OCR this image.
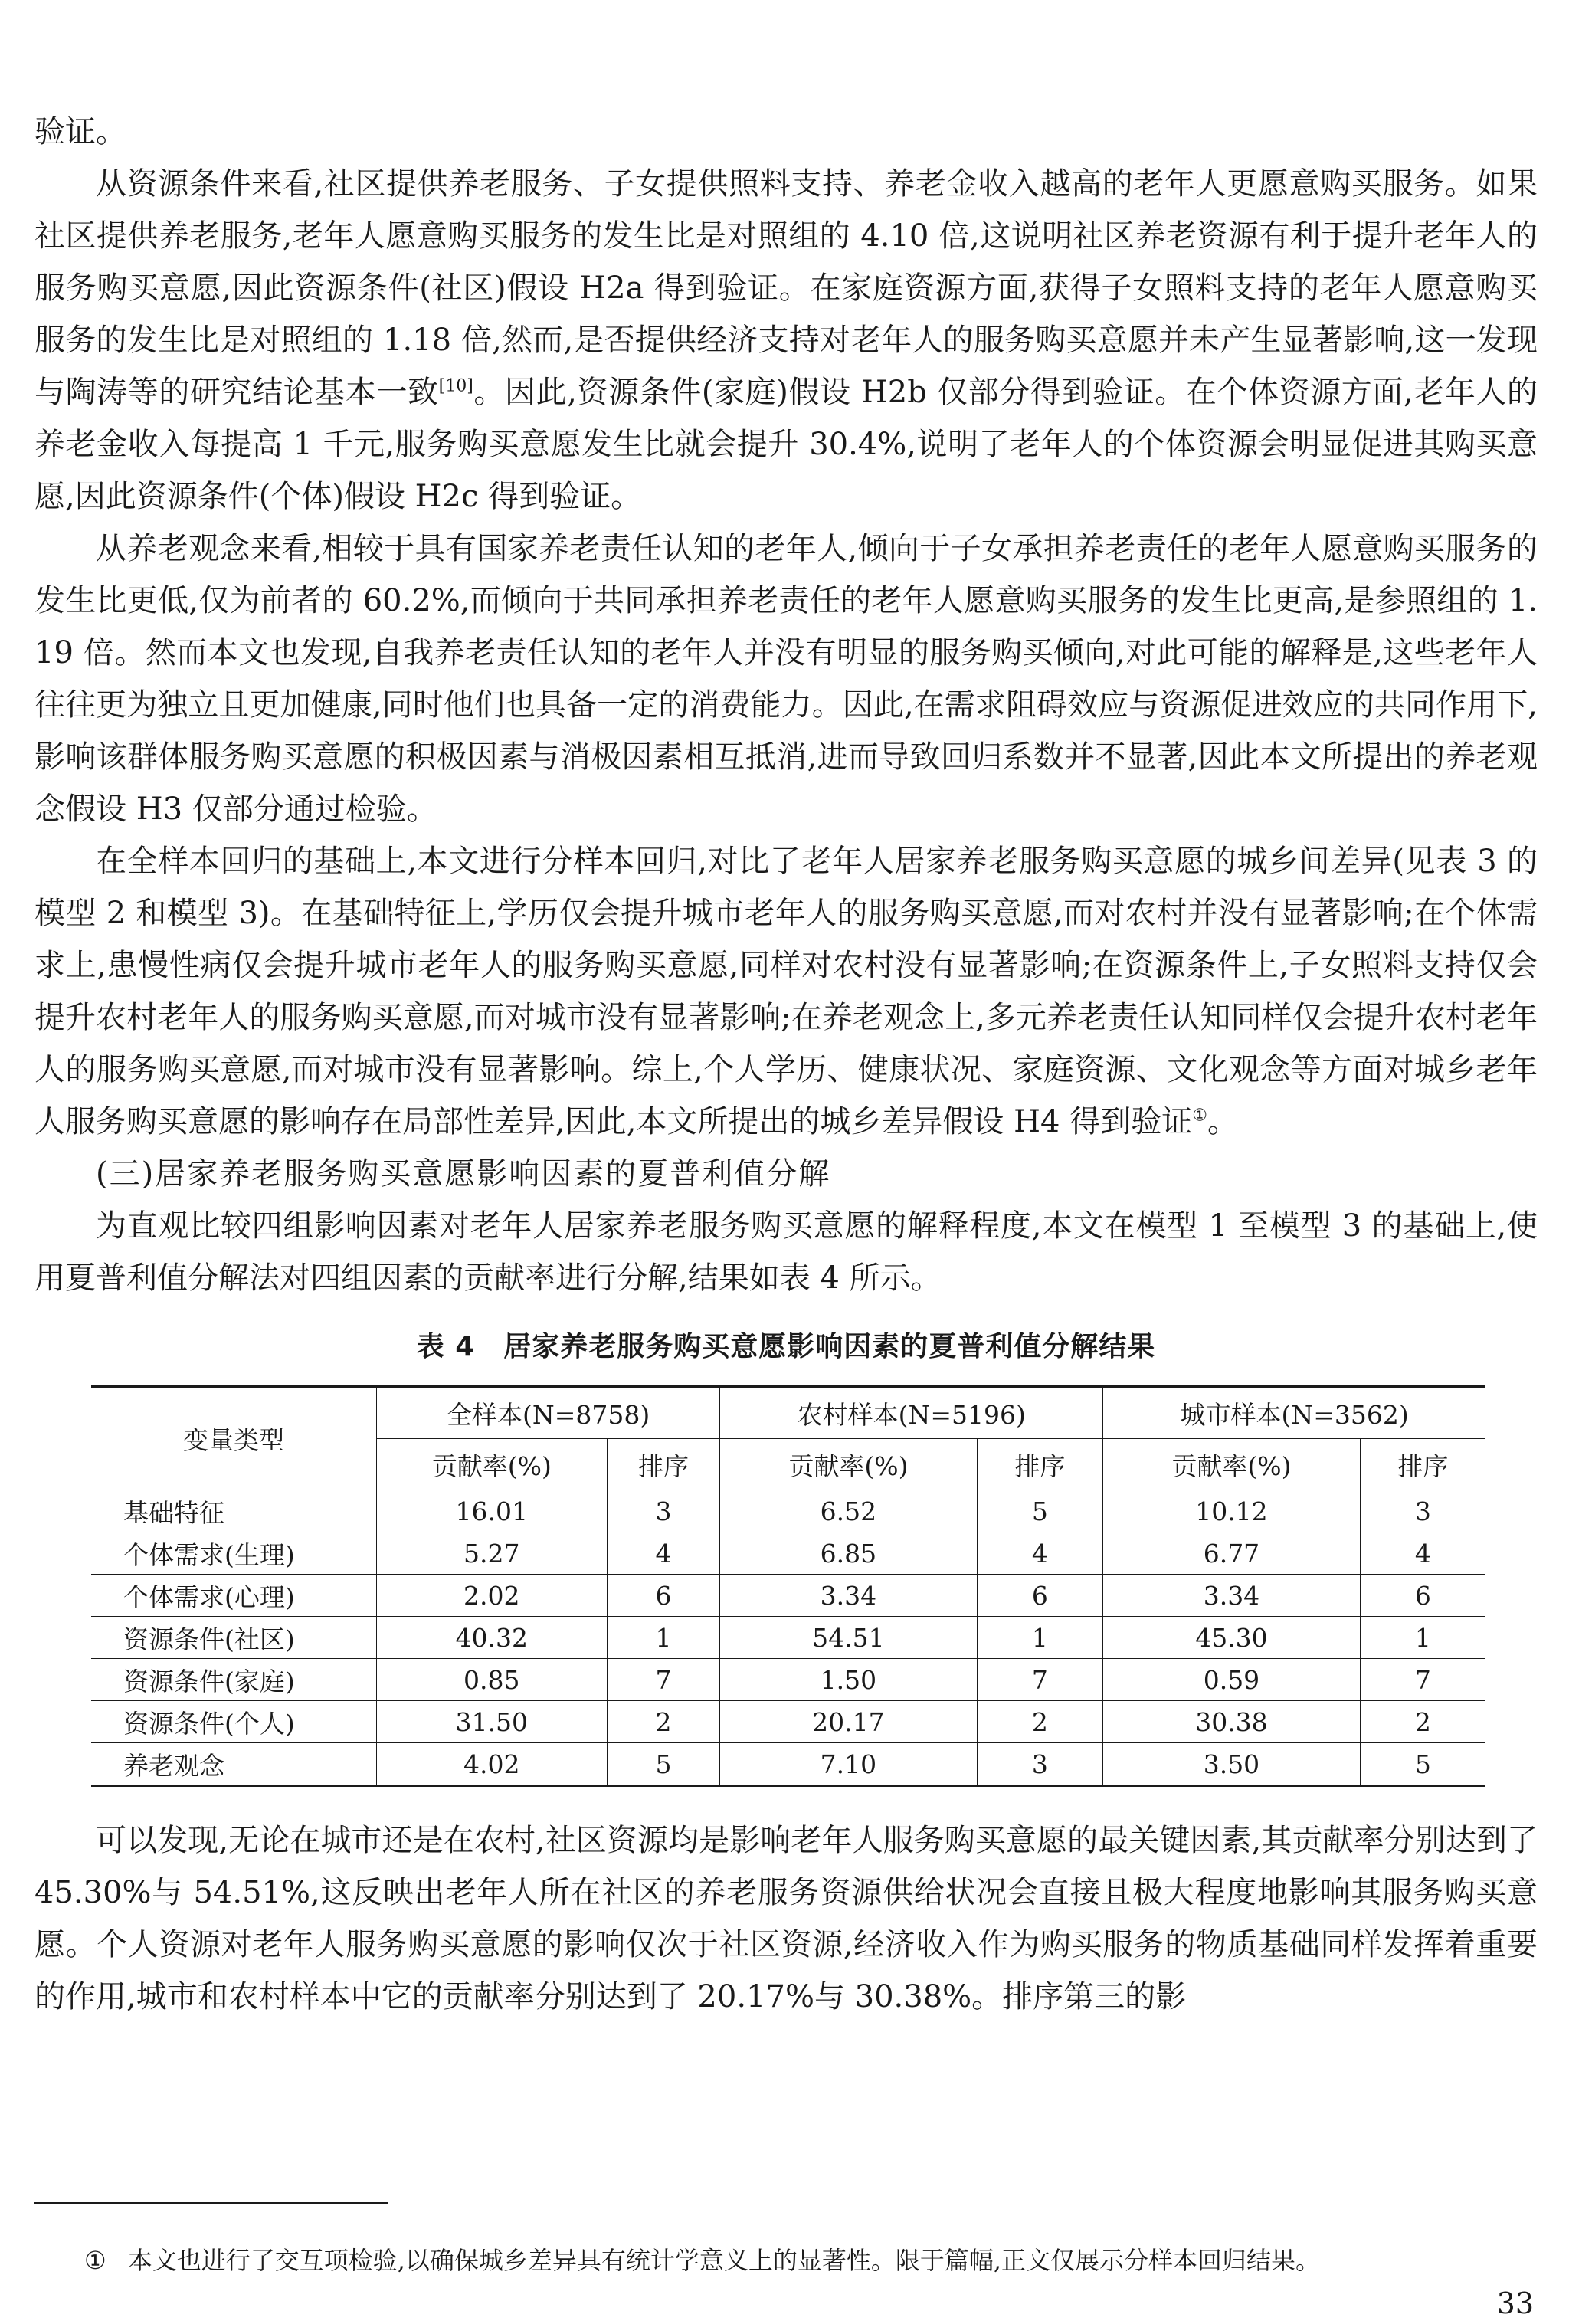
验证。

从资源条件来看,社区提供养老服务、子女提供照料支持、养老金收入越高的老年人更愿意购买服务。如果社区提供养老服务,老年人愿意购买服务的发生比是对照组的 4.10 倍,这说明社区养老资源有利于提升老年人的服务购买意愿,因此资源条件(社区)假设 H2a 得到验证。在家庭资源方面,获得子女照料支持的老年人愿意购买服务的发生比是对照组的 1.18 倍,然而,是否提供经济支持对老年人的服务购买意愿并未产生显著影响,这一发现与陶涛等的研究结论基本一致[10]。因此,资源条件(家庭)假设 H2b 仅部分得到验证。在个体资源方面,老年人的养老金收入每提高 1 千元,服务购买意愿发生比就会提升 30.4%,说明了老年人的个体资源会明显促进其购买意愿,因此资源条件(个体)假设 H2c 得到验证。

从养老观念来看,相较于具有国家养老责任认知的老年人,倾向于子女承担养老责任的老年人愿意购买服务的发生比更低,仅为前者的 60.2%,而倾向于共同承担养老责任的老年人愿意购买服务的发生比更高,是参照组的 1.19 倍。然而本文也发现,自我养老责任认知的老年人并没有明显的服务购买倾向,对此可能的解释是,这些老年人往往更为独立且更加健康,同时他们也具备一定的消费能力。因此,在需求阻碍效应与资源促进效应的共同作用下,影响该群体服务购买意愿的积极因素与消极因素相互抵消,进而导致回归系数并不显著,因此本文所提出的养老观念假设 H3 仅部分通过检验。

在全样本回归的基础上,本文进行分样本回归,对比了老年人居家养老服务购买意愿的城乡间差异(见表 3 的模型 2 和模型 3)。在基础特征上,学历仅会提升城市老年人的服务购买意愿,而对农村并没有显著影响;在个体需求上,患慢性病仅会提升城市老年人的服务购买意愿,同样对农村没有显著影响;在资源条件上,子女照料支持仅会提升农村老年人的服务购买意愿,而对城市没有显著影响;在养老观念上,多元养老责任认知同样仅会提升农村老年人的服务购买意愿,而对城市没有显著影响。综上,个人学历、健康状况、家庭资源、文化观念等方面对城乡老年人服务购买意愿的影响存在局部性差异,因此,本文所提出的城乡差异假设 H4 得到验证①。

(三)居家养老服务购买意愿影响因素的夏普利值分解

为直观比较四组影响因素对老年人居家养老服务购买意愿的解释程度,本文在模型 1 至模型 3 的基础上,使用夏普利值分解法对四组因素的贡献率进行分解,结果如表 4 所示。

表 4　居家养老服务购买意愿影响因素的夏普利值分解结果
变量类型	全样本(N=8758)		农村样本(N=5196)		城市样本(N=3562)	
	贡献率(%)	排序	贡献率(%)	排序	贡献率(%)	排序
基础特征	16.01	3	6.52	5	10.12	3
个体需求(生理)	5.27	4	6.85	4	6.77	4
个体需求(心理)	2.02	6	3.34	6	3.34	6
资源条件(社区)	40.32	1	54.51	1	45.30	1
资源条件(家庭)	0.85	7	1.50	7	0.59	7
资源条件(个人)	31.50	2	20.17	2	30.38	2
养老观念	4.02	5	7.10	3	3.50	5

可以发现,无论在城市还是在农村,社区资源均是影响老年人服务购买意愿的最关键因素,其贡献率分别达到了 45.30%与 54.51%,这反映出老年人所在社区的养老服务资源供给状况会直接且极大程度地影响其服务购买意愿。个人资源对老年人服务购买意愿的影响仅次于社区资源,经济收入作为购买服务的物质基础同样发挥着重要的作用,城市和农村样本中它的贡献率分别达到了 20.17%与 30.38%。排序第三的影

① 本文也进行了交互项检验,以确保城乡差异具有统计学意义上的显著性。限于篇幅,正文仅展示分样本回归结果。
33
